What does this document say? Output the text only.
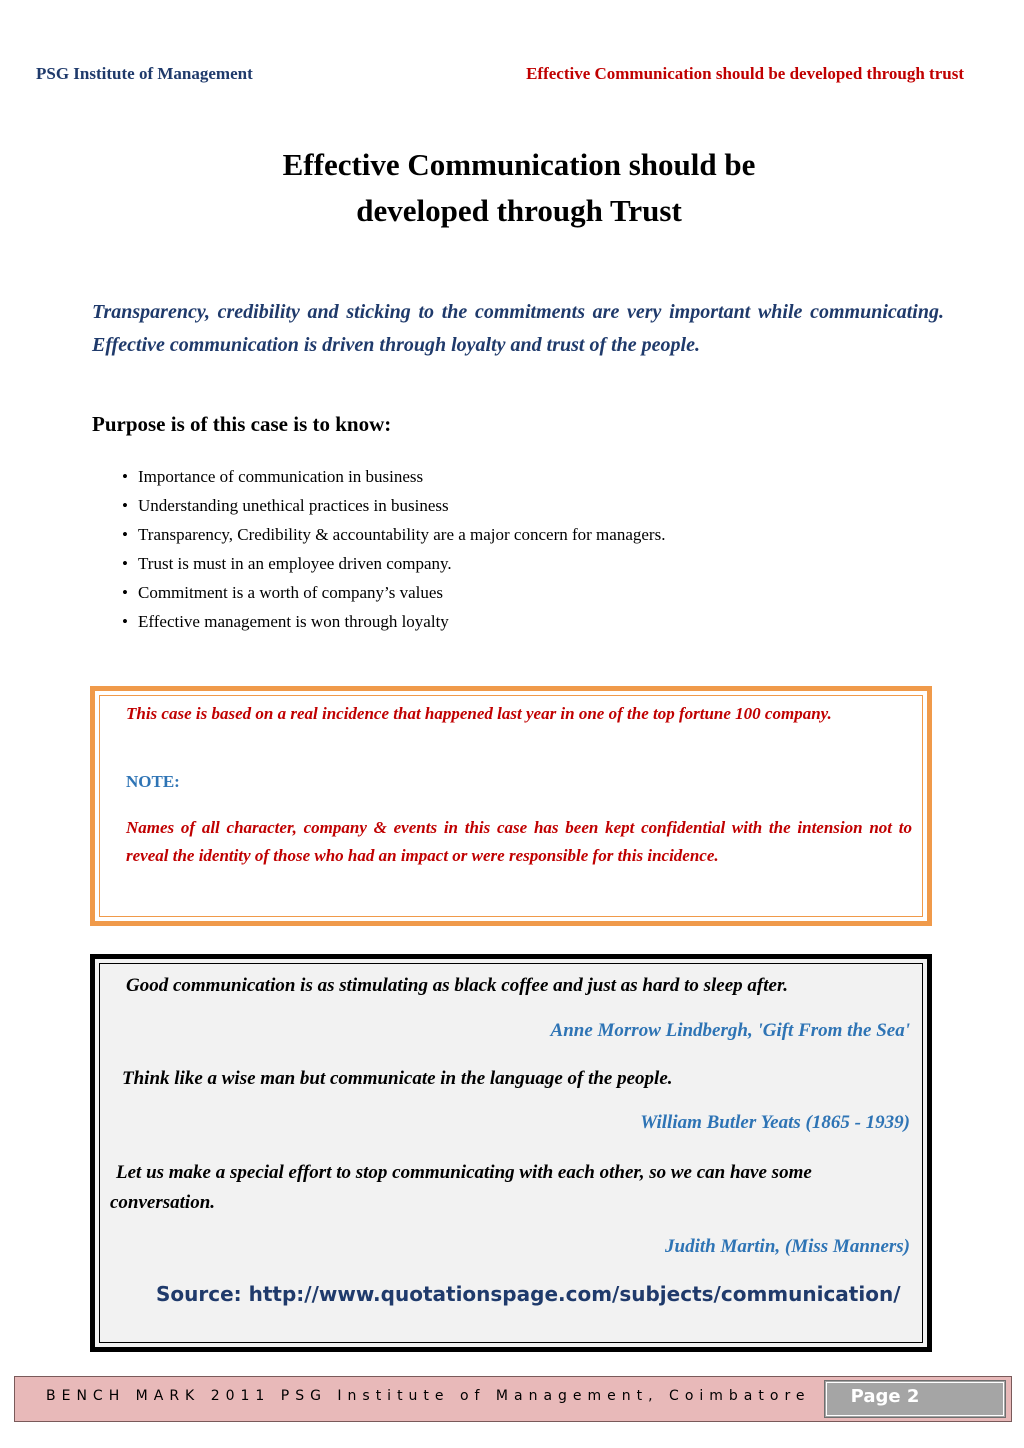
PSG Institute of Management	Effective Communication should be developed through trust
Effective Communication should be
developed through Trust
Transparency, credibility and sticking to the commitments are very important while communicating. Effective communication is driven through loyalty and trust of the people.
Purpose is of this case is to know:
• Importance of communication in business
• Understanding unethical practices in business
• Transparency, Credibility & accountability are a major concern for managers.
• Trust is must in an employee driven company.
• Commitment is a worth of company’s values
• Effective management is won through loyalty
This case is based on a real incidence that happened last year in one of the top fortune 100 company.
NOTE:
Names of all character, company & events in this case has been kept confidential with the intension not to reveal the identity of those who had an impact or were responsible for this incidence.
Good communication is as stimulating as black coffee and just as hard to sleep after.
Anne Morrow Lindbergh, 'Gift From the Sea'
Think like a wise man but communicate in the language of the people.
William Butler Yeats (1865 - 1939)
Let us make a special effort to stop communicating with each other, so we can have some conversation.
Judith Martin, (Miss Manners)
Source: http://www.quotationspage.com/subjects/communication/
BENCH MARK 2011 PSG Institute of Management, Coimbatore	Page 2
